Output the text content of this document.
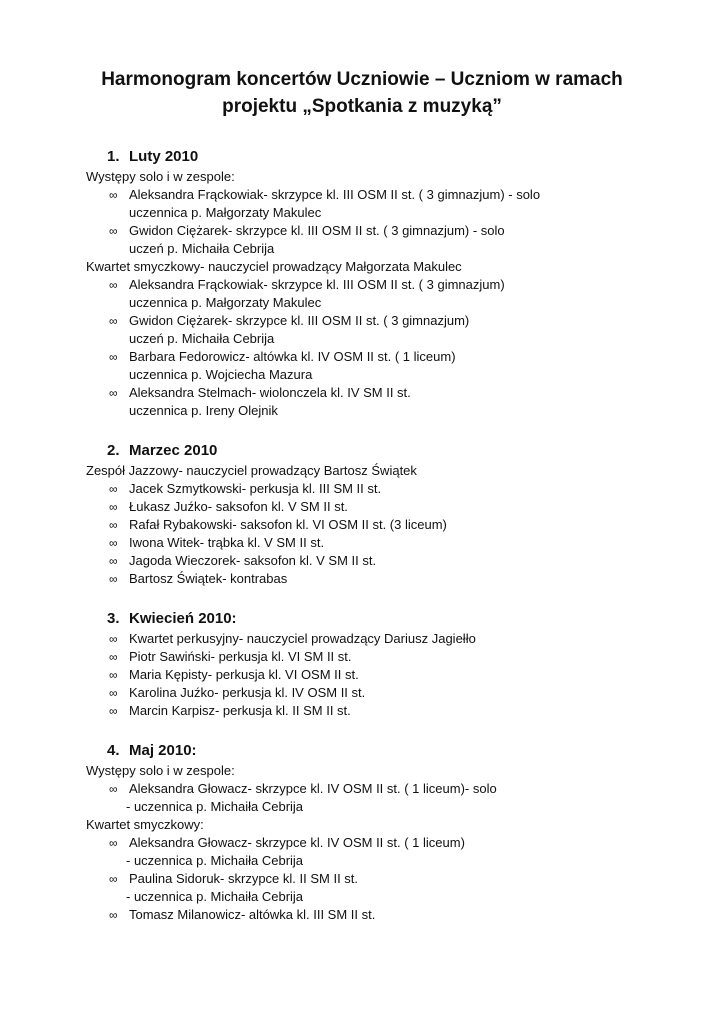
Harmonogram koncertów Uczniowie – Uczniom w ramach
projektu „Spotkania z muzyką”
1. Luty 2010
Występy solo i w zespole:
∞ Aleksandra Frąckowiak- skrzypce kl. III OSM II st. ( 3 gimnazjum) - solo
uczennica p. Małgorzaty Makulec
∞ Gwidon Ciężarek- skrzypce kl. III OSM II st. ( 3 gimnazjum) - solo
uczeń p. Michaiła Cebrija
Kwartet smyczkowy- nauczyciel prowadzący Małgorzata Makulec
∞ Aleksandra Frąckowiak- skrzypce kl. III OSM II st. ( 3 gimnazjum)
uczennica p. Małgorzaty Makulec
∞ Gwidon Ciężarek- skrzypce kl. III OSM II st. ( 3 gimnazjum)
uczeń p. Michaiła Cebrija
∞ Barbara Fedorowicz- altówka kl. IV OSM II st. ( 1 liceum)
uczennica p. Wojciecha Mazura
∞ Aleksandra Stelmach- wiolonczela kl. IV SM II st.
uczennica p. Ireny Olejnik
2. Marzec 2010
Zespół Jazzowy- nauczyciel prowadzący Bartosz Świątek
∞ Jacek Szmytkowski- perkusja kl. III SM II st.
∞ Łukasz Juźko- saksofon kl. V SM II st.
∞ Rafał Rybakowski- saksofon kl. VI OSM II st. (3 liceum)
∞ Iwona Witek- trąbka kl. V SM II st.
∞ Jagoda Wieczorek- saksofon kl. V SM II st.
∞ Bartosz Świątek- kontrabas
3. Kwiecień 2010:
∞ Kwartet perkusyjny- nauczyciel prowadzący Dariusz Jagiełło
∞ Piotr Sawiński- perkusja kl. VI SM II st.
∞ Maria Kępisty- perkusja kl. VI OSM II st.
∞ Karolina Juźko- perkusja kl. IV OSM II st.
∞ Marcin Karpisz- perkusja kl. II SM II st.
4. Maj 2010:
Występy solo i w zespole:
∞ Aleksandra Głowacz- skrzypce kl. IV OSM II st. ( 1 liceum)- solo
- uczennica p. Michaiła Cebrija
Kwartet smyczkowy:
∞ Aleksandra Głowacz- skrzypce kl. IV OSM II st. ( 1 liceum)
- uczennica p. Michaiła Cebrija
∞ Paulina Sidoruk- skrzypce kl. II SM II st.
- uczennica p. Michaiła Cebrija
∞ Tomasz Milanowicz- altówka kl. III SM II st.
